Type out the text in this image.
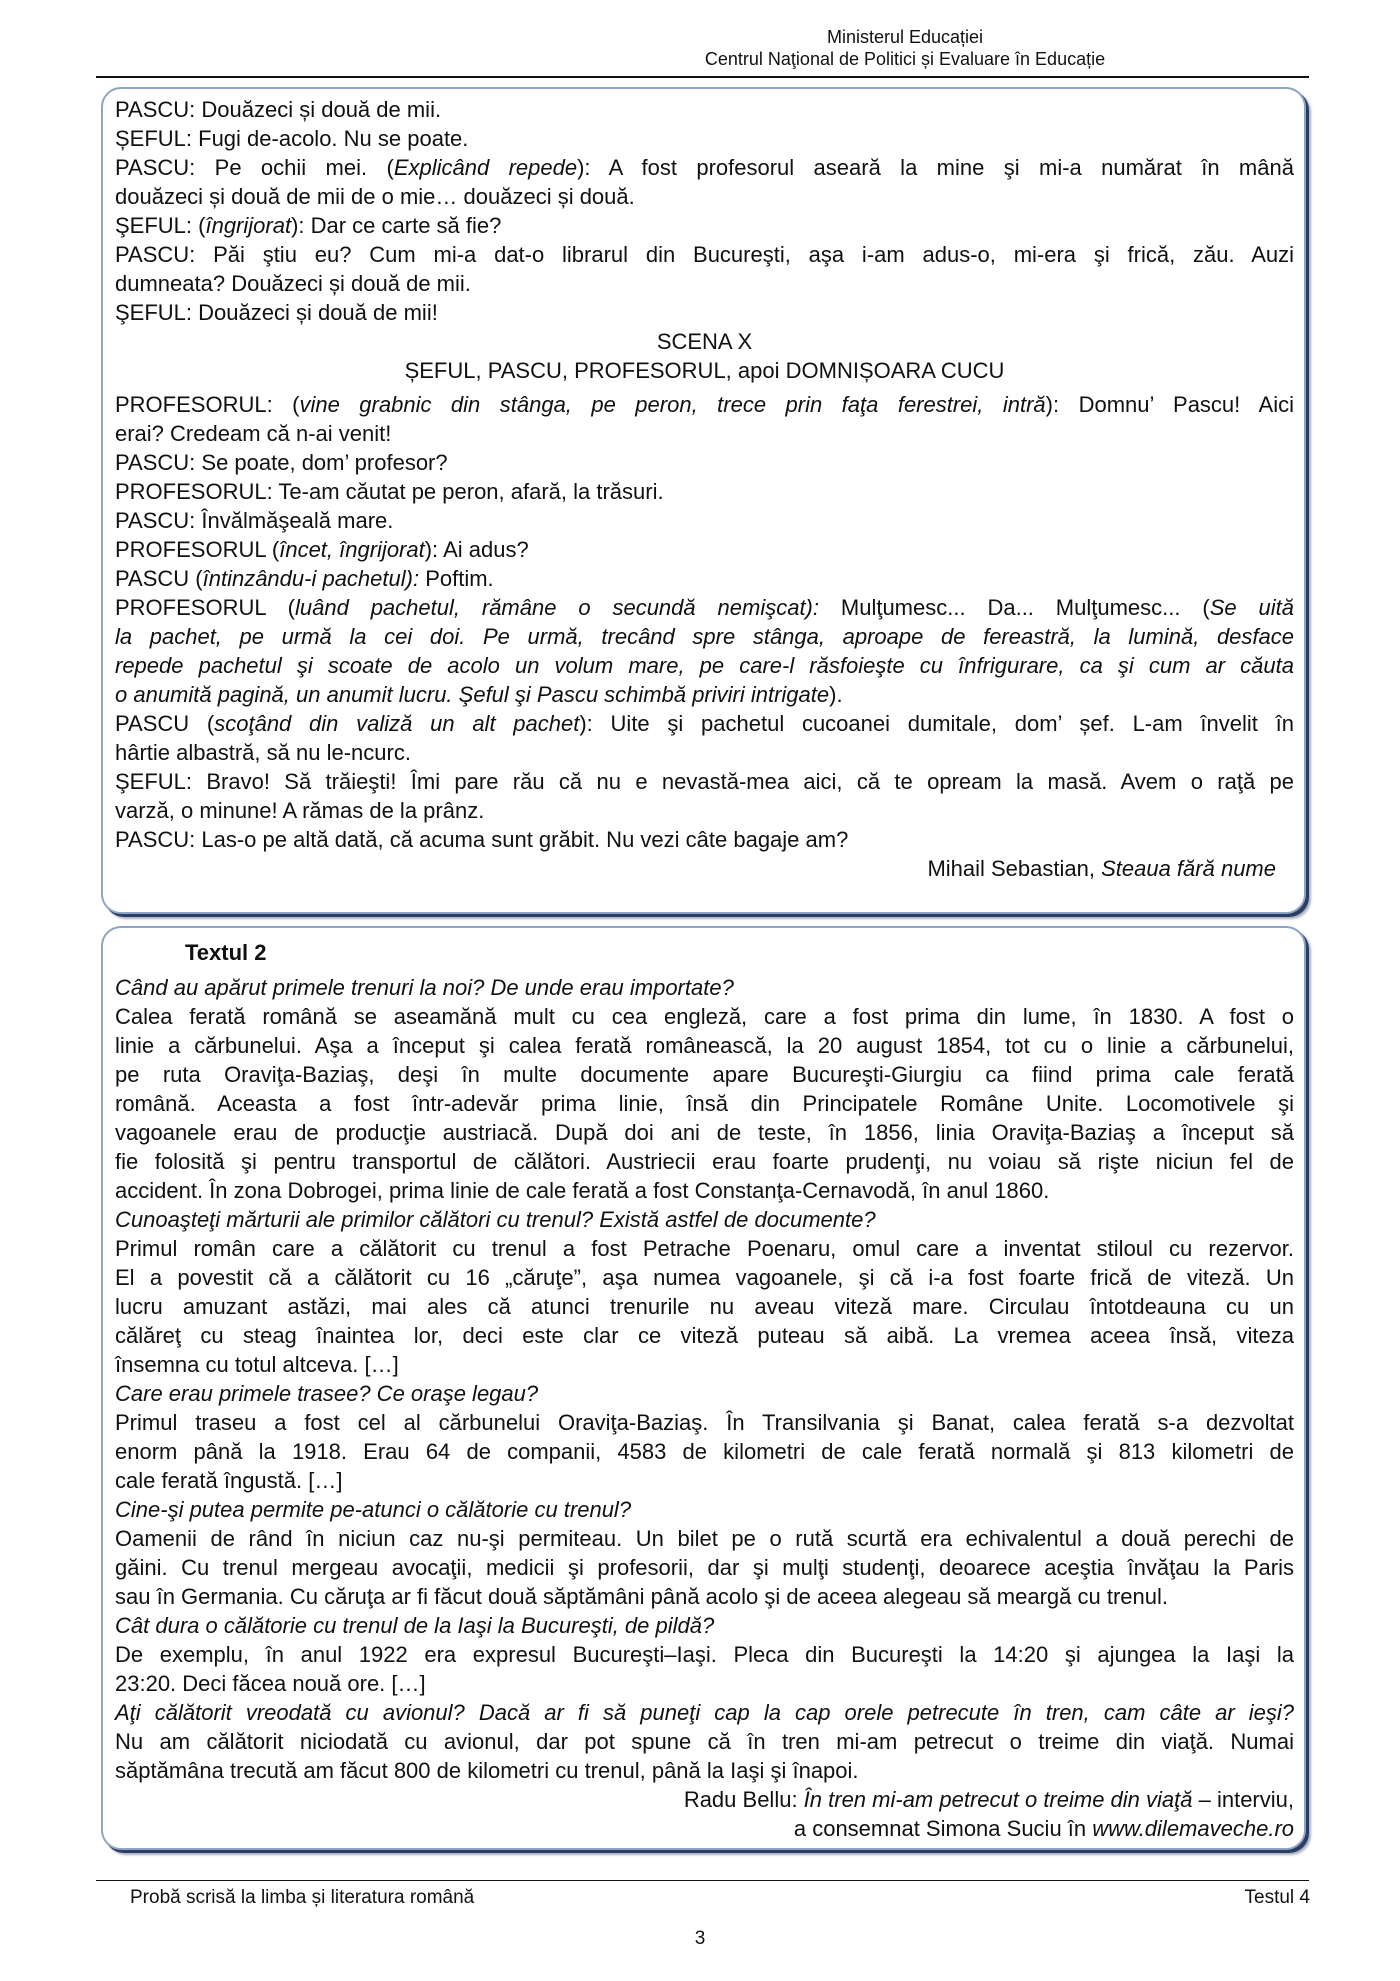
Ministerul Educației
Centrul Naţional de Politici și Evaluare în Educație

PASCU: Douăzeci și două de mii.

ȘEFUL: Fugi de-acolo. Nu se poate.

PASCU: Pe ochii mei. (Explicând repede): A fost profesorul aseară la mine şi mi-a numărat în mână

douăzeci și două de mii de o mie… douăzeci și două.

ŞEFUL: (îngrijorat): Dar ce carte să fie?

PASCU: Păi ştiu eu? Cum mi-a dat-o librarul din Bucureşti, aşa i-am adus-o, mi-era şi frică, zău. Auzi

dumneata? Douăzeci și două de mii.

ŞEFUL: Douăzeci și două de mii!

SCENA X

ȘEFUL, PASCU, PROFESORUL, apoi DOMNIȘOARA CUCU

PROFESORUL: (vine grabnic din stânga, pe peron, trece prin faţa ferestrei, intră): Domnu’ Pascu! Aici

erai? Credeam că n-ai venit!

PASCU: Se poate, dom’ profesor?

PROFESORUL: Te-am căutat pe peron, afară, la trăsuri.

PASCU: Învălmăşeală mare.

PROFESORUL (încet, îngrijorat): Ai adus?

PASCU (întinzându-i pachetul): Poftim.

PROFESORUL (luând pachetul, rămâne o secundă nemişcat): Mulţumesc... Da... Mulţumesc... (Se uită

la pachet, pe urmă la cei doi. Pe urmă, trecând spre stânga, aproape de fereastră, la lumină, desface

repede pachetul şi scoate de acolo un volum mare, pe care-l răsfoieşte cu înfrigurare, ca şi cum ar căuta

o anumită pagină, un anumit lucru. Şeful şi Pascu schimbă priviri intrigate).

PASCU (scoţând din valiză un alt pachet): Uite şi pachetul cucoanei dumitale, dom’ șef. L-am învelit în

hârtie albastră, să nu le-ncurc.

ŞEFUL: Bravo! Să trăieşti! Îmi pare rău că nu e nevastă-mea aici, că te opream la masă. Avem o raţă pe

varză, o minune! A rămas de la prânz.

PASCU: Las-o pe altă dată, că acuma sunt grăbit. Nu vezi câte bagaje am?

Mihail Sebastian, Steaua fără nume

Textul 2

Când au apărut primele trenuri la noi? De unde erau importate?

Calea ferată română se aseamănă mult cu cea engleză, care a fost prima din lume, în 1830. A fost o

linie a cărbunelui. Aşa a început şi calea ferată românească, la 20 august 1854, tot cu o linie a cărbunelui,

pe ruta Oraviţa-Baziaş, deşi în multe documente apare Bucureşti-Giurgiu ca fiind prima cale ferată

română. Aceasta a fost într-adevăr prima linie, însă din Principatele Române Unite. Locomotivele şi

vagoanele erau de producţie austriacă. După doi ani de teste, în 1856, linia Oraviţa-Baziaş a început să

fie folosită şi pentru transportul de călători. Austriecii erau foarte prudenţi, nu voiau să rişte niciun fel de

accident. În zona Dobrogei, prima linie de cale ferată a fost Constanţa-Cernavodă, în anul 1860.

Cunoaşteţi mărturii ale primilor călători cu trenul? Există astfel de documente?

Primul român care a călătorit cu trenul a fost Petrache Poenaru, omul care a inventat stiloul cu rezervor.

El a povestit că a călătorit cu 16 „căruţe”, aşa numea vagoanele, şi că i-a fost foarte frică de viteză. Un

lucru amuzant astăzi, mai ales că atunci trenurile nu aveau viteză mare. Circulau întotdeauna cu un

călăreţ cu steag înaintea lor, deci este clar ce viteză puteau să aibă. La vremea aceea însă, viteza

însemna cu totul altceva. […]

Care erau primele trasee? Ce oraşe legau?

Primul traseu a fost cel al cărbunelui Oraviţa-Baziaş. În Transilvania şi Banat, calea ferată s-a dezvoltat

enorm până la 1918. Erau 64 de companii, 4583 de kilometri de cale ferată normală şi 813 kilometri de

cale ferată îngustă. […]

Cine-şi putea permite pe-atunci o călătorie cu trenul?

Oamenii de rând în niciun caz nu-şi permiteau. Un bilet pe o rută scurtă era echivalentul a două perechi de

găini. Cu trenul mergeau avocaţii, medicii şi profesorii, dar şi mulţi studenţi, deoarece aceştia învăţau la Paris

sau în Germania. Cu căruţa ar fi făcut două săptămâni până acolo şi de aceea alegeau să meargă cu trenul.

Cât dura o călătorie cu trenul de la Iaşi la Bucureşti, de pildă?

De exemplu, în anul 1922 era expresul Bucureşti–Iaşi. Pleca din Bucureşti la 14:20 şi ajungea la Iaşi la

23:20. Deci făcea nouă ore. […]

Aţi călătorit vreodată cu avionul? Dacă ar fi să puneţi cap la cap orele petrecute în tren, cam câte ar ieşi?

Nu am călătorit niciodată cu avionul, dar pot spune că în tren mi-am petrecut o treime din viaţă. Numai

săptămâna trecută am făcut 800 de kilometri cu trenul, până la Iaşi şi înapoi.

Radu Bellu: În tren mi-am petrecut o treime din viaţă – interviu,

a consemnat Simona Suciu în www.dilemaveche.ro

Probă scrisă la limba și literatura română	Testul 4
3
